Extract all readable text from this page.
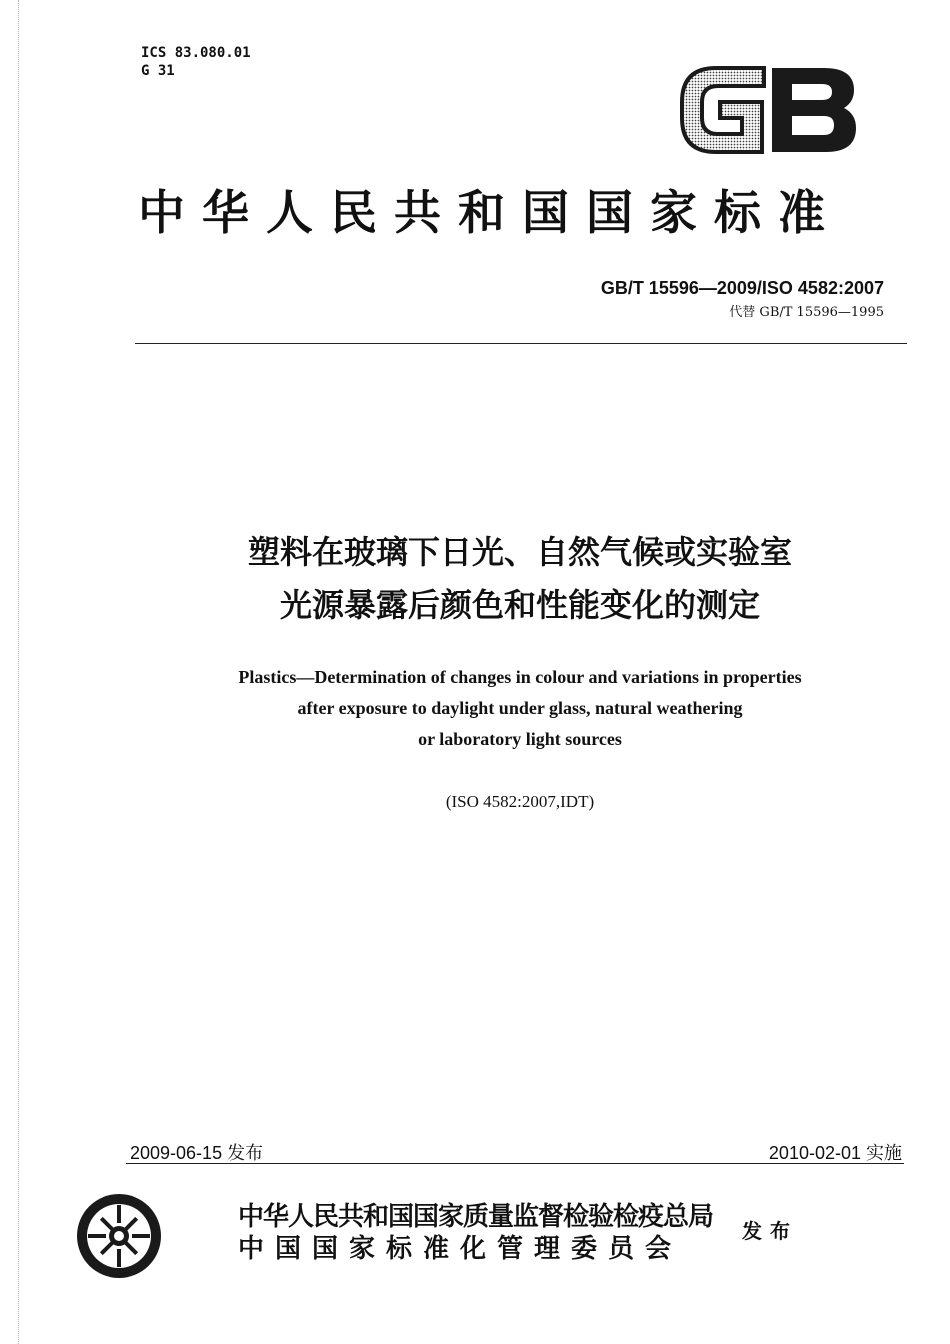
ICS 83.080.01
G 31
GB
中华人民共和国国家标准
GB/T 15596—2009/ISO 4582:2007
代替 GB/T 15596—1995
塑料在玻璃下日光、自然气候或实验室
光源暴露后颜色和性能变化的测定
Plastics—Determination of changes in colour and variations in properties
after exposure to daylight under glass, natural weathering
or laboratory light sources
(ISO 4582:2007,IDT)
2009-06-15 发布	2010-02-01 实施
中华人民共和国国家质量监督检验检疫总局
中国国家标准化管理委员会
发布
